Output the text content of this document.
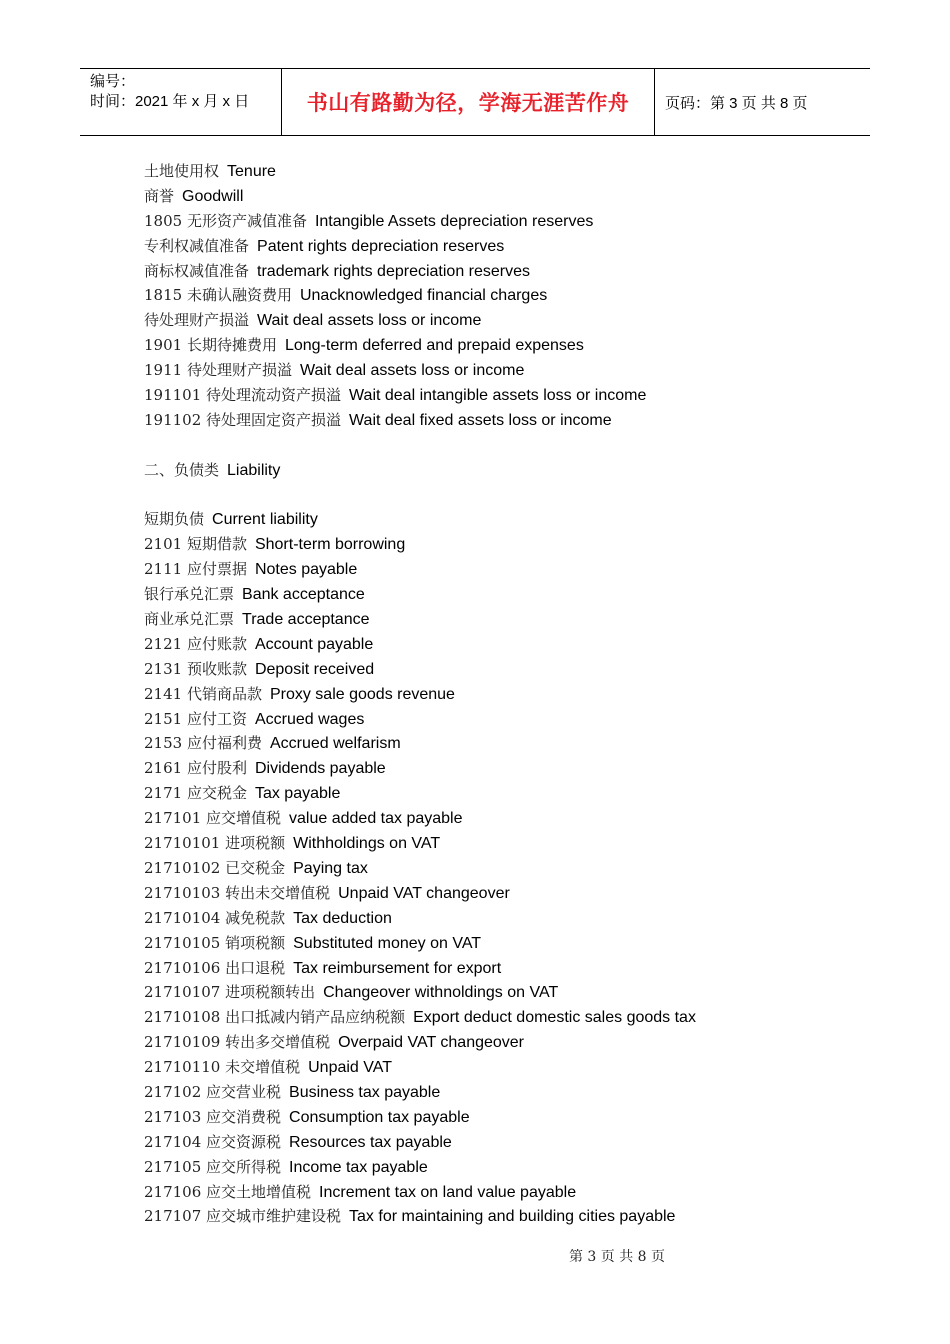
编号：
时间：2021 年 x 月 x 日	书山有路勤为径，学海无涯苦作舟 页码：第 3 页 共 8 页
土地使用权 Tenure
商誉 Goodwill
1805 无形资产减值准备 Intangible Assets depreciation reserves
专利权减值准备 Patent rights depreciation reserves
商标权减值准备 trademark rights depreciation reserves
1815 未确认融资费用 Unacknowledged financial charges
待处理财产损溢 Wait deal assets loss or income
1901 长期待摊费用 Long-term deferred and prepaid expenses
1911 待处理财产损溢 Wait deal assets loss or income
191101 待处理流动资产损溢 Wait deal intangible assets loss or income
191102 待处理固定资产损溢 Wait deal fixed assets loss or income
二、负债类 Liability
短期负债 Current liability
2101 短期借款 Short-term borrowing
2111 应付票据 Notes payable
银行承兑汇票 Bank acceptance
商业承兑汇票 Trade acceptance
2121 应付账款 Account payable
2131 预收账款 Deposit received
2141 代销商品款 Proxy sale goods revenue
2151 应付工资 Accrued wages
2153 应付福利费 Accrued welfarism
2161 应付股利 Dividends payable
2171 应交税金 Tax payable
217101 应交增值税 value added tax payable
21710101 进项税额 Withholdings on VAT
21710102 已交税金 Paying tax
21710103 转出未交增值税 Unpaid VAT changeover
21710104 减免税款 Tax deduction
21710105 销项税额 Substituted money on VAT
21710106 出口退税 Tax reimbursement for export
21710107 进项税额转出 Changeover withnoldings on VAT
21710108 出口抵减内销产品应纳税额 Export deduct domestic sales goods tax
21710109 转出多交增值税 Overpaid VAT changeover
21710110 未交增值税 Unpaid VAT
217102 应交营业税 Business tax payable
217103 应交消费税 Consumption tax payable
217104 应交资源税 Resources tax payable
217105 应交所得税 Income tax payable
217106 应交土地增值税 Increment tax on land value payable
217107 应交城市维护建设税 Tax for maintaining and building cities payable
第 3 页 共 8 页
